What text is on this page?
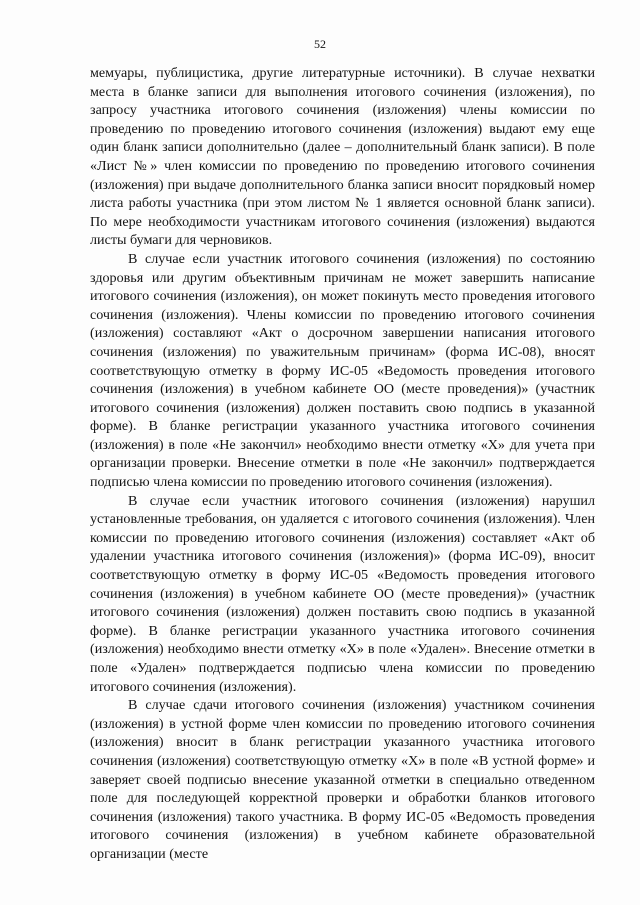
52

мемуары, публицистика, другие литературные источники). В случае нехватки места в бланке записи для выполнения итогового сочинения (изложения), по запросу участника итогового сочинения (изложения) члены комиссии по проведению по проведению итогового сочинения (изложения) выдают ему еще один бланк записи дополнительно (далее – дополнительный бланк записи). В поле «Лист №» член комиссии по проведению по проведению итогового сочинения (изложения) при выдаче дополнительного бланка записи вносит порядковый номер листа работы участника (при этом листом № 1 является основной бланк записи). По мере необходимости участникам итогового сочинения (изложения) выдаются листы бумаги для черновиков.

В случае если участник итогового сочинения (изложения) по состоянию здоровья или другим объективным причинам не может завершить написание итогового сочинения (изложения), он может покинуть место проведения итогового сочинения (изложения). Члены комиссии по проведению итогового сочинения (изложения) составляют «Акт о досрочном завершении написания итогового сочинения (изложения) по уважительным причинам» (форма ИС-08), вносят соответствующую отметку в форму ИС-05 «Ведомость проведения итогового сочинения (изложения) в учебном кабинете ОО (месте проведения)» (участник итогового сочинения (изложения) должен поставить свою подпись в указанной форме). В бланке регистрации указанного участника итогового сочинения (изложения) в поле «Не закончил» необходимо внести отметку «Х» для учета при организации проверки. Внесение отметки в поле «Не закончил» подтверждается подписью члена комиссии по проведению итогового сочинения (изложения).

В случае если участник итогового сочинения (изложения) нарушил установленные требования, он удаляется с итогового сочинения (изложения). Член комиссии по проведению итогового сочинения (изложения) составляет «Акт об удалении участника итогового сочинения (изложения)» (форма ИС-09), вносит соответствующую отметку в форму ИС-05 «Ведомость проведения итогового сочинения (изложения) в учебном кабинете ОО (месте проведения)» (участник итогового сочинения (изложения) должен поставить свою подпись в указанной форме). В бланке регистрации указанного участника итогового сочинения (изложения) необходимо внести отметку «Х» в поле «Удален». Внесение отметки в поле «Удален» подтверждается подписью члена комиссии по проведению итогового сочинения (изложения).

В случае сдачи итогового сочинения (изложения) участником сочинения (изложения) в устной форме член комиссии по проведению итогового сочинения (изложения) вносит в бланк регистрации указанного участника итогового сочинения (изложения) соответствующую отметку «Х» в поле «В устной форме» и заверяет своей подписью внесение указанной отметки в специально отведенном поле для последующей корректной проверки и обработки бланков итогового сочинения (изложения) такого участника. В форму ИС-05 «Ведомость проведения итогового сочинения (изложения) в учебном кабинете образовательной организации (месте
